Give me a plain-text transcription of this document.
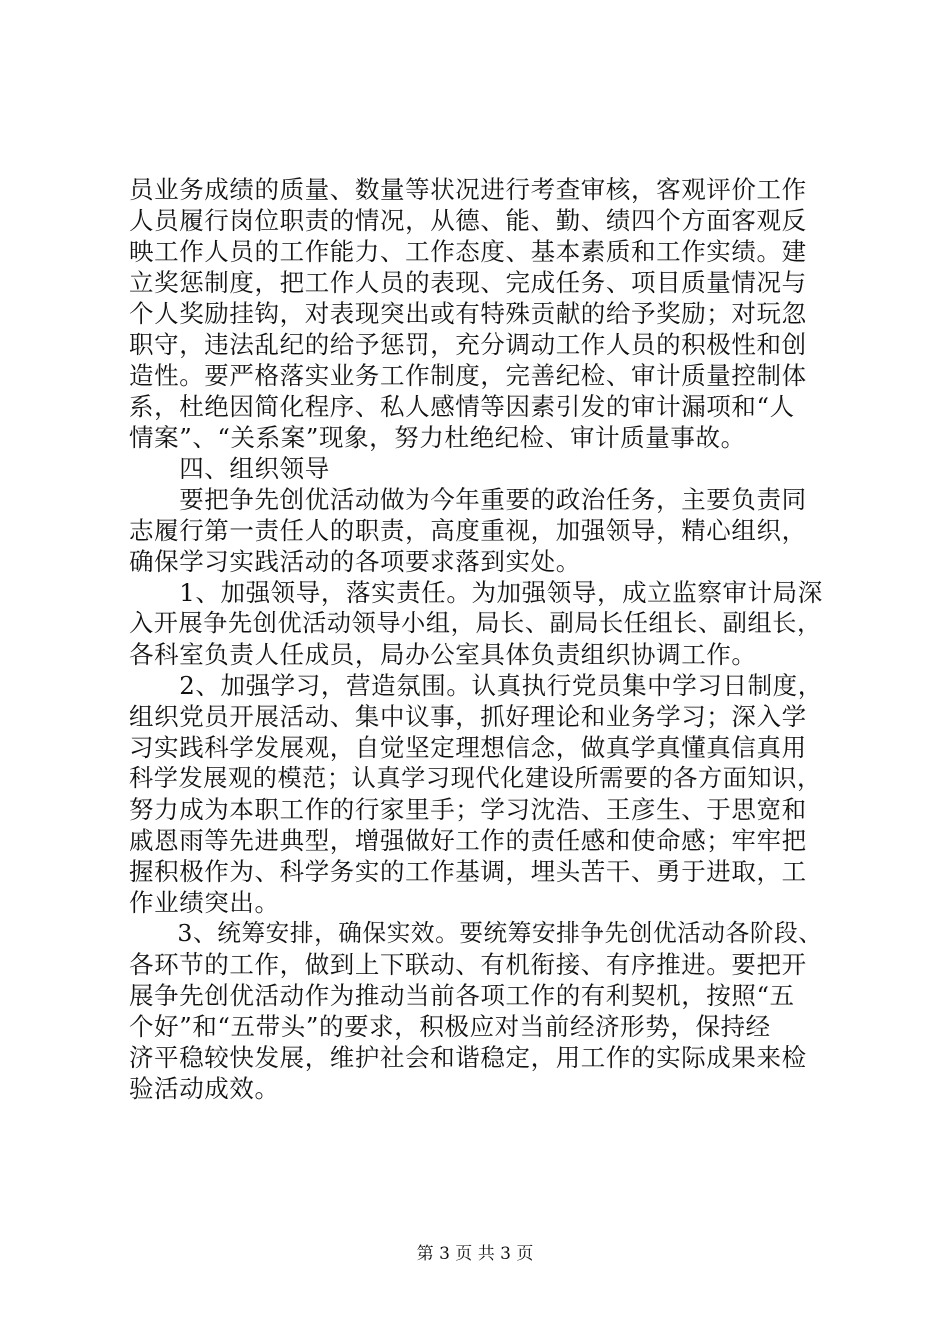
员业务成绩的质量、数量等状况进行考查审核，客观评价工作
人员履行岗位职责的情况，从德、能、勤、绩四个方面客观反
映工作人员的工作能力、工作态度、基本素质和工作实绩。建
立奖惩制度，把工作人员的表现、完成任务、项目质量情况与
个人奖励挂钩，对表现突出或有特殊贡献的给予奖励；对玩忽
职守，违法乱纪的给予惩罚，充分调动工作人员的积极性和创
造性。要严格落实业务工作制度，完善纪检、审计质量控制体
系，杜绝因简化程序、私人感情等因素引发的审计漏项和“人
情案”、“关系案”现象，努力杜绝纪检、审计质量事故。
　　四、组织领导
　　要把争先创优活动做为今年重要的政治任务，主要负责同
志履行第一责任人的职责，高度重视，加强领导，精心组织，
确保学习实践活动的各项要求落到实处。
　　1、加强领导，落实责任。为加强领导，成立监察审计局深
入开展争先创优活动领导小组，局长、副局长任组长、副组长，
各科室负责人任成员，局办公室具体负责组织协调工作。
　　2、加强学习，营造氛围。认真执行党员集中学习日制度，
组织党员开展活动、集中议事，抓好理论和业务学习；深入学
习实践科学发展观，自觉坚定理想信念，做真学真懂真信真用
科学发展观的模范；认真学习现代化建设所需要的各方面知识，
努力成为本职工作的行家里手；学习沈浩、王彦生、于思宽和
戚恩雨等先进典型，增强做好工作的责任感和使命感；牢牢把
握积极作为、科学务实的工作基调，埋头苦干、勇于进取，工
作业绩突出。
　　3、统筹安排，确保实效。要统筹安排争先创优活动各阶段、
各环节的工作，做到上下联动、有机衔接、有序推进。要把开
展争先创优活动作为推动当前各项工作的有利契机，按照“五
个好”和“五带头”的要求，积极应对当前经济形势，保持经
济平稳较快发展，维护社会和谐稳定，用工作的实际成果来检
验活动成效。
第 3 页 共 3 页
